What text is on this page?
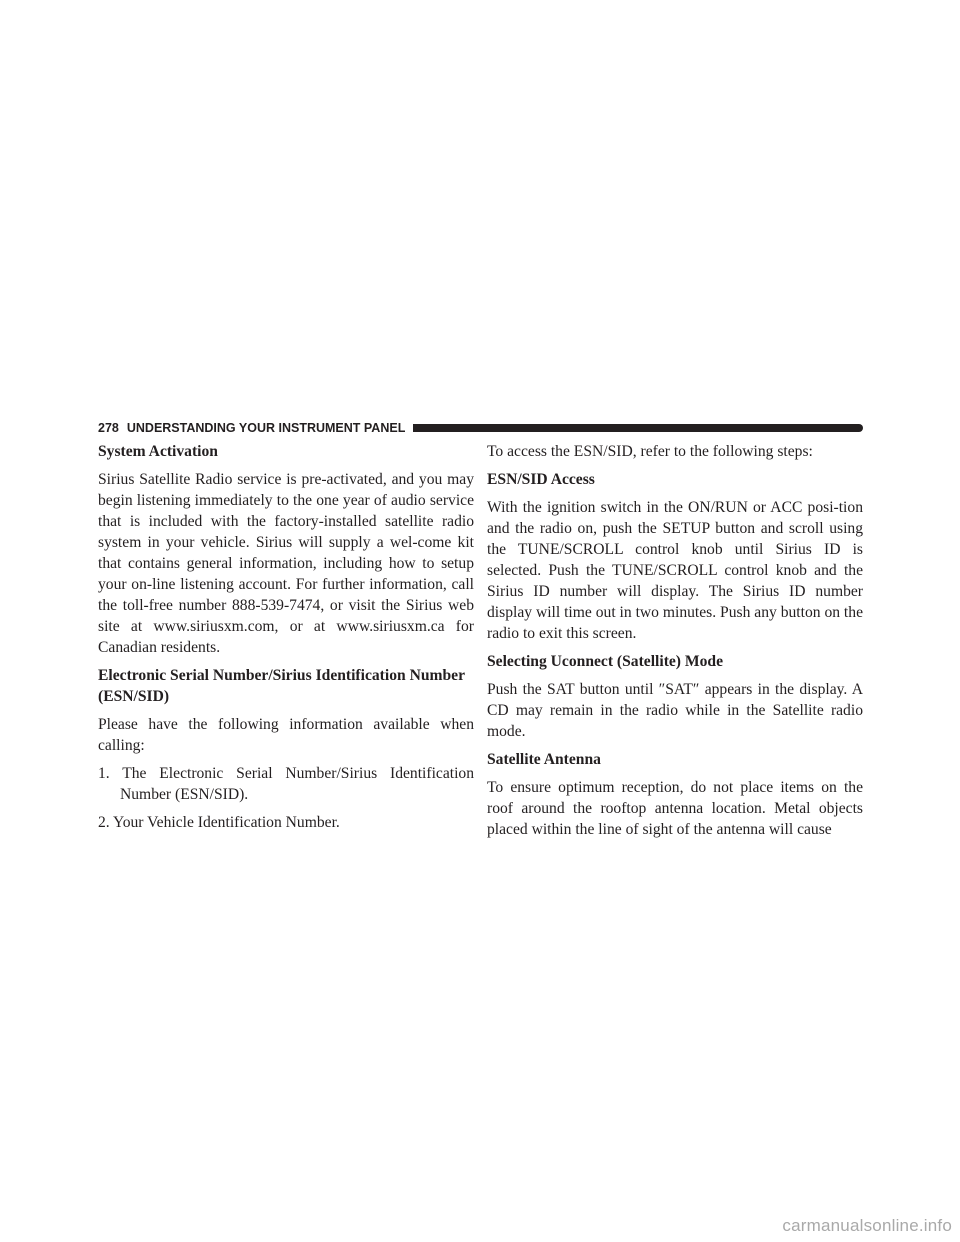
278 UNDERSTANDING YOUR INSTRUMENT PANEL
System Activation
Sirius Satellite Radio service is pre-activated, and you may begin listening immediately to the one year of audio service that is included with the factory-installed satellite radio system in your vehicle. Sirius will supply a wel-come kit that contains general information, including how to setup your on-line listening account. For further information, call the toll-free number 888-539-7474, or visit the Sirius web site at www.siriusxm.com, or at www.siriusxm.ca for Canadian residents.
Electronic Serial Number/Sirius Identification Number (ESN/SID)
Please have the following information available when calling:
1. The Electronic Serial Number/Sirius Identification Number (ESN/SID).
2. Your Vehicle Identification Number.
To access the ESN/SID, refer to the following steps:
ESN/SID Access
With the ignition switch in the ON/RUN or ACC posi-tion and the radio on, push the SETUP button and scroll using the TUNE/SCROLL control knob until Sirius ID is selected. Push the TUNE/SCROLL control knob and the Sirius ID number will display. The Sirius ID number display will time out in two minutes. Push any button on the radio to exit this screen.
Selecting Uconnect (Satellite) Mode
Push the SAT button until ″SAT″ appears in the display. A CD may remain in the radio while in the Satellite radio mode.
Satellite Antenna
To ensure optimum reception, do not place items on the roof around the rooftop antenna location. Metal objects placed within the line of sight of the antenna will cause
carmanualsonline.info
